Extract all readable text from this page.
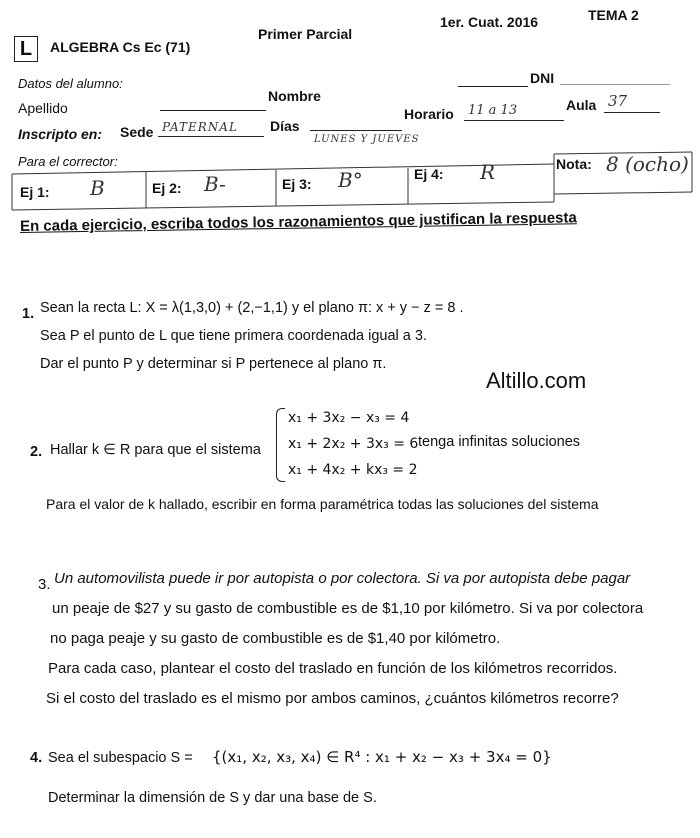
L	ALGEBRA Cs Ec (71)
Primer Parcial
1er. Cuat. 2016	TEMA 2
Datos del alumno:	DNI
Apellido
Nombre
Horario 11 a 13	Aula 37
Inscripto en: Sede PATERNAL Días
LUNES Y JUEVES
Para el corrector:
Ej 1: B	Ej 2: B-	Ej 3: B°	Ej 4: R	Nota: 8 (ocho)
En cada ejercicio, escriba todos los razonamientos que justifican la respuesta
1. Sean la recta L: X = λ(1,3,0) + (2,−1,1) y el plano π: x + y − z = 8 .
Sea P el punto de L que tiene primera coordenada igual a 3.
Dar el punto P y determinar si P pertenece al plano π.
Altillo.com
2. Hallar k ∈ R para que el sistema
x₁ + 3x₂ − x₃ = 4
x₁ + 2x₂ + 3x₃ = 6
x₁ + 4x₂ + kx₃ = 2
tenga infinitas soluciones
Para el valor de k hallado, escribir en forma paramétrica todas las soluciones del sistema
3. Un automovilista puede ir por autopista o por colectora. Si va por autopista debe pagar
un peaje de $27 y su gasto de combustible es de $1,10 por kilómetro. Si va por colectora
no paga peaje y su gasto de combustible es de $1,40 por kilómetro.
Para cada caso, plantear el costo del traslado en función de los kilómetros recorridos.
Si el costo del traslado es el mismo por ambos caminos, ¿cuántos kilómetros recorre?
4. Sea el subespacio S = {(x₁, x₂, x₃, x₄) ∈ R⁴ : x₁ + x₂ − x₃ + 3x₄ = 0}
Determinar la dimensión de S y dar una base de S.
